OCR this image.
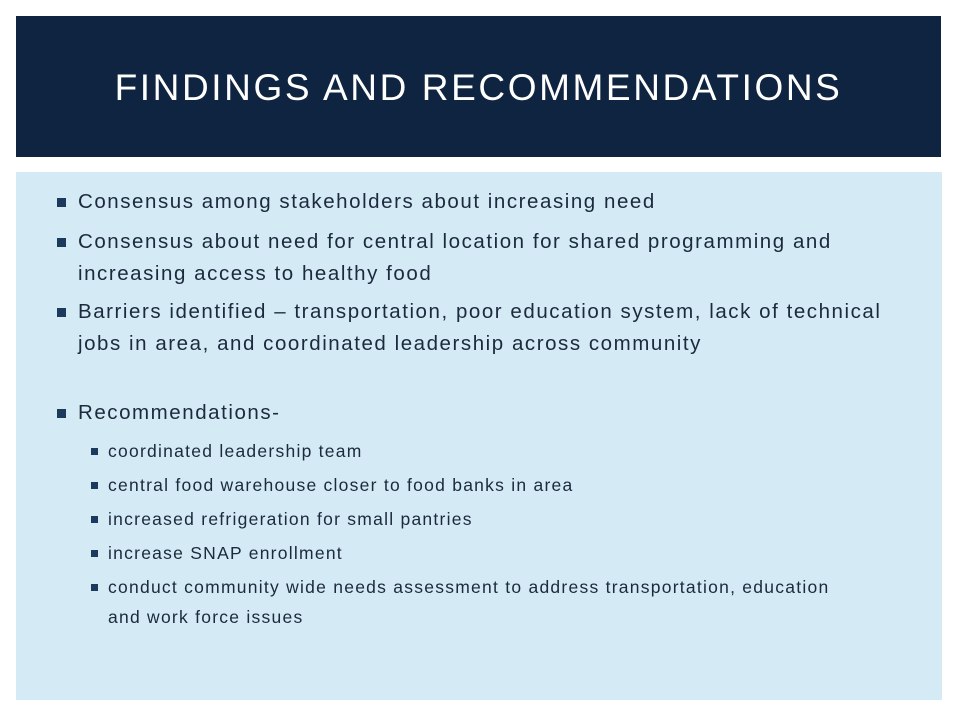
FINDINGS AND RECOMMENDATIONS
Consensus among stakeholders about increasing need
Consensus about need for central location for shared programming and increasing access to healthy food
Barriers identified – transportation, poor education system, lack of technical jobs in area, and coordinated leadership across community
Recommendations-
coordinated leadership team
central food warehouse closer to food banks in area
increased refrigeration for small pantries
increase SNAP enrollment
conduct community wide needs assessment to address transportation, education and work force issues
